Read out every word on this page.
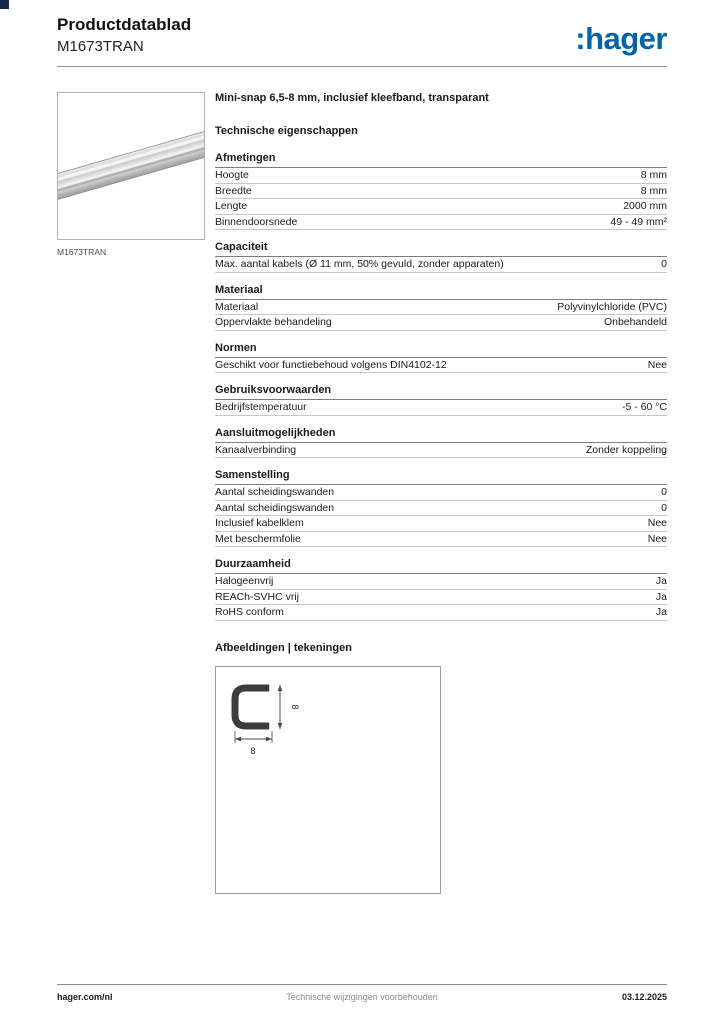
Productdatablad
M1673TRAN	:hager
M1673TRAN
Mini-snap 6,5-8 mm, inclusief kleefband, transparant
Technische eigenschappen
Afmetingen
Hoogte	8 mm
Breedte	8 mm
Lengte	2000 mm
Binnendoorsnede	49 - 49 mm²
Capaciteit
Max. aantal kabels (Ø 11 mm, 50% gevuld, zonder apparaten)	0
Materiaal
Materiaal	Polyvinylchloride (PVC)
Oppervlakte behandeling	Onbehandeld
Normen
Geschikt voor functiebehoud volgens DIN4102-12	Nee
Gebruiksvoorwaarden
Bedrijfstemperatuur	-5 - 60 °C
Aansluitmogelijkheden
Kanaalverbinding	Zonder koppeling
Samenstelling
Aantal scheidingswanden	0
Aantal scheidingswanden	0
Inclusief kabelklem	Nee
Met beschermfolie	Nee
Duurzaamheid
Halogeenvrij	Ja
REACh-SVHC vrij	Ja
RoHS conform	Ja
Afbeeldingen | tekeningen
8
8
hager.com/nl	Technische wijzigingen voorbehouden	03.12.2025
